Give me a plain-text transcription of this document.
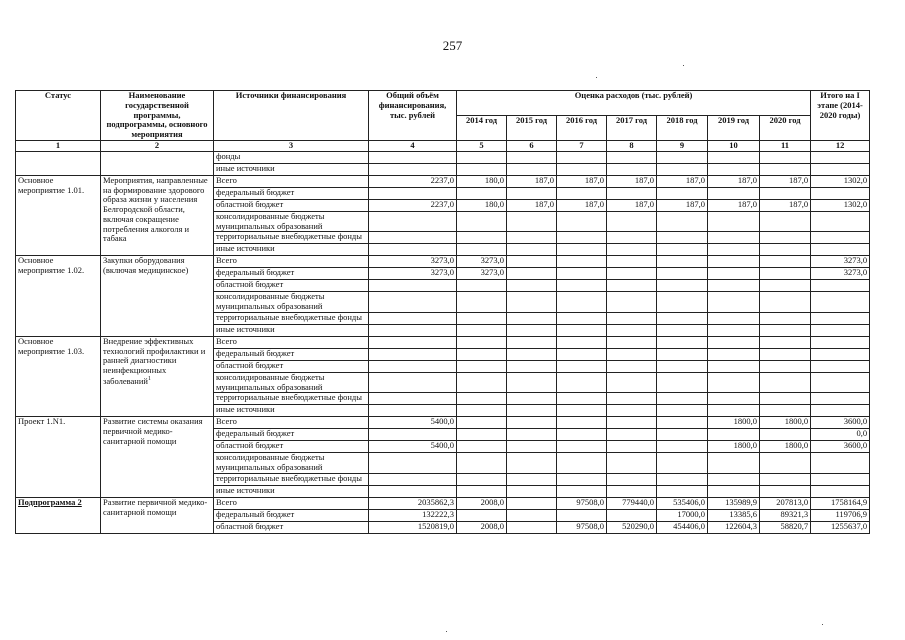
257
Статус	Наименование государственной программы, подпрограммы, основного мероприятия	Источники финансирования	Общий объём финансирования, тыс. рублей	Оценка расходов (тыс. рублей)							Итого на I этапе (2014-2020 годы)
				2014 год	2015 год	2016 год	2017 год	2018 год	2019 год	2020 год	
1	2	3	4	5	6	7	8	9	10	11	12
		фонды									
		иные источники									
Основное мероприятие 1.01.	Мероприятия, направленные на формирование здорового образа жизни у населения Белгородской области, включая сокращение потребления алкоголя и табака	Всего	2237,0	180,0	187,0	187,0	187,0	187,0	187,0	187,0	1302,0
		федеральный бюджет									
		областной бюджет	2237,0	180,0	187,0	187,0	187,0	187,0	187,0	187,0	1302,0
		консолидированные бюджеты муниципальных образований									
		территориальные внебюджетные фонды									
		иные источники									
Основное мероприятие 1.02.	Закупки оборудования (включая медицинское)	Всего	3273,0	3273,0							3273,0
		федеральный бюджет	3273,0	3273,0							3273,0
		областной бюджет									
		консолидированные бюджеты муниципальных образований									
		территориальные внебюджетные фонды									
		иные источники									
Основное мероприятие 1.03.	Внедрение эффективных технологий профилактики и ранней диагностики неинфекционных заболеваний$^1$	Всего									
		федеральный бюджет									
		областной бюджет									
		консолидированные бюджеты муниципальных образований									
		территориальные внебюджетные фонды									
		иные источники									
Проект 1.N1.	Развитие системы оказания первичной медико-санитарной помощи	Всего	5400,0						1800,0	1800,0	3600,0
		федеральный бюджет									0,0
		областной бюджет	5400,0						1800,0	1800,0	3600,0
		консолидированные бюджеты муниципальных образований									
		территориальные внебюджетные фонды									
		иные источники									
Подпрограмма 2	Развитие первичной медико-санитарной помощи	Всего	2035862,3	2008,0		97508,0	779440,0	535406,0	135989,9	207813,0	1758164,9
		федеральный бюджет	132222,3					17000,0	13385,6	89321,3	119706,9
		областной бюджет	1520819,0	2008,0		97508,0	520290,0	454406,0	122604,3	58820,7	1255637,0
